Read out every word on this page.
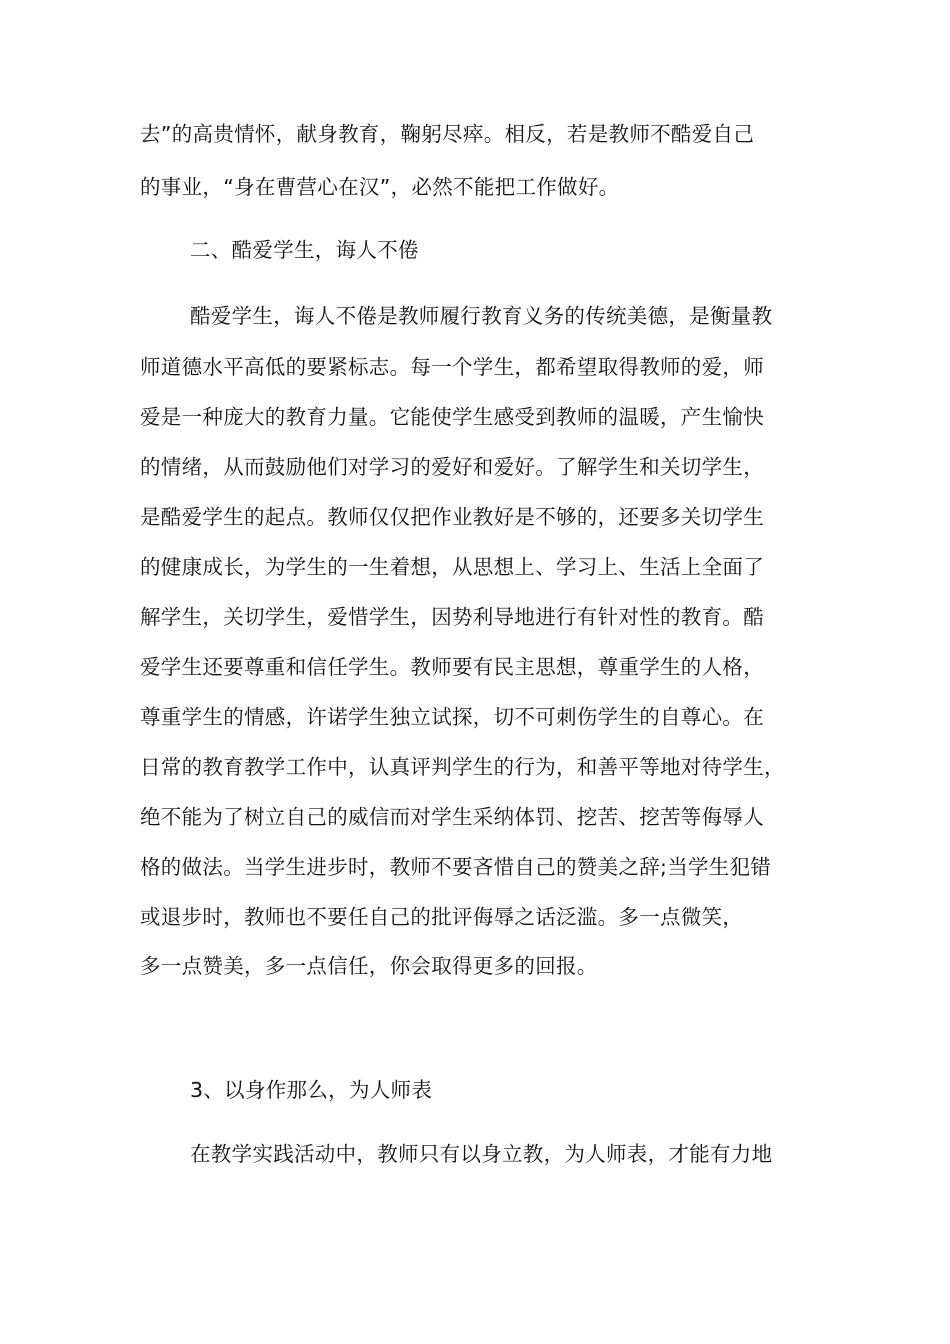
去”的高贵情怀，献身教育，鞠躬尽瘁。相反，若是教师不酷爱自己
的事业，“身在曹营心在汉”，必然不能把工作做好。
二、酷爱学生，诲人不倦
酷爱学生，诲人不倦是教师履行教育义务的传统美德，是衡量教
师道德水平高低的要紧标志。每一个学生，都希望取得教师的爱，师
爱是一种庞大的教育力量。它能使学生感受到教师的温暖，产生愉快
的情绪，从而鼓励他们对学习的爱好和爱好。了解学生和关切学生，
是酷爱学生的起点。教师仅仅把作业教好是不够的，还要多关切学生
的健康成长，为学生的一生着想，从思想上、学习上、生活上全面了
解学生，关切学生，爱惜学生，因势利导地进行有针对性的教育。酷
爱学生还要尊重和信任学生。教师要有民主思想，尊重学生的人格，
尊重学生的情感，许诺学生独立试探，切不可刺伤学生的自尊心。在
日常的教育教学工作中，认真评判学生的行为，和善平等地对待学生，
绝不能为了树立自己的威信而对学生采纳体罚、挖苦、挖苦等侮辱人
格的做法。当学生进步时，教师不要吝惜自己的赞美之辞;当学生犯错
或退步时，教师也不要任自己的批评侮辱之话泛滥。多一点微笑，
多一点赞美，多一点信任，你会取得更多的回报。
3、以身作那么，为人师表
在教学实践活动中，教师只有以身立教，为人师表，才能有力地
